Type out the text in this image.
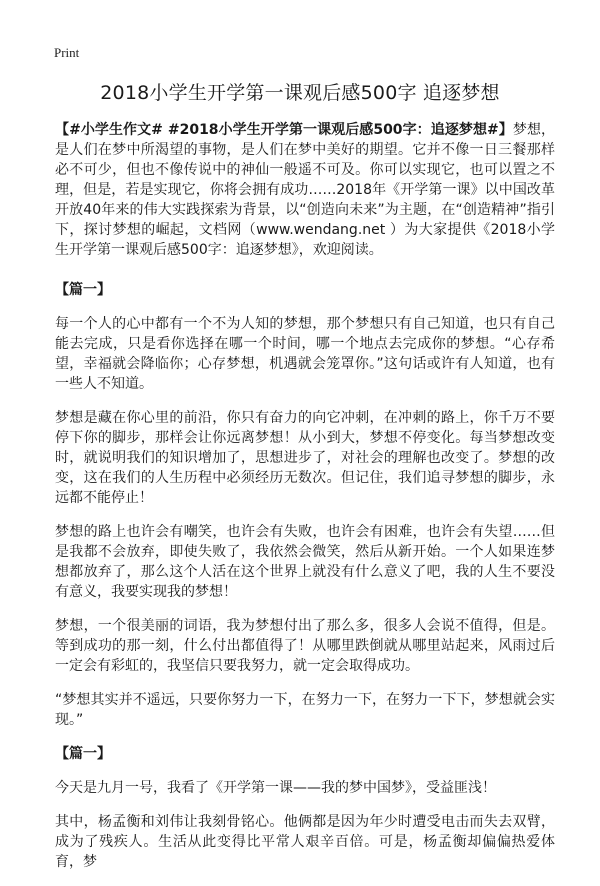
Print
2018小学生开学第一课观后感500字 追逐梦想

【#小学生作文# #2018小学生开学第一课观后感500字：追逐梦想#】梦想，是人们在梦中所渴望的事物，是人们在梦中美好的期望。它并不像一日三餐那样必不可少，但也不像传说中的神仙一般遥不可及。你可以实现它，也可以置之不理，但是，若是实现它，你将会拥有成功……2018年《开学第一课》以中国改革开放40年来的伟大实践探索为背景，以“创造向未来”为主题，在“创造精神”指引下，探讨梦想的崛起，文档网（www.wendang.net ）为大家提供《2018小学生开学第一课观后感500字：追逐梦想》，欢迎阅读。

【篇一】

每一个人的心中都有一个不为人知的梦想，那个梦想只有自己知道，也只有自己能去完成，只是看你选择在哪一个时间，哪一个地点去完成你的梦想。“心存希望，幸福就会降临你；心存梦想，机遇就会笼罩你。”这句话或许有人知道，也有一些人不知道。

梦想是藏在你心里的前沿，你只有奋力的向它冲刺，在冲刺的路上，你千万不要停下你的脚步，那样会让你远离梦想！从小到大，梦想不停变化。每当梦想改变时，就说明我们的知识增加了，思想进步了，对社会的理解也改变了。梦想的改变，这在我们的人生历程中必须经历无数次。但记住，我们追寻梦想的脚步，永远都不能停止！

梦想的路上也许会有嘲笑，也许会有失败，也许会有困难，也许会有失望……但是我都不会放弃，即使失败了，我依然会微笑，然后从新开始。一个人如果连梦想都放弃了，那么这个人活在这个世界上就没有什么意义了吧，我的人生不要没有意义，我要实现我的梦想！

梦想，一个很美丽的词语，我为梦想付出了那么多，很多人会说不值得，但是。等到成功的那一刻，什么付出都值得了！从哪里跌倒就从哪里站起来，风雨过后一定会有彩虹的，我坚信只要我努力，就一定会取得成功。

“梦想其实并不遥远，只要你努力一下，在努力一下，在努力一下下，梦想就会实现。”

【篇一】

今天是九月一号，我看了《开学第一课——我的梦中国梦》，受益匪浅！

其中，杨孟衡和刘伟让我刻骨铭心。他俩都是因为年少时遭受电击而失去双臂，成为了残疾人。生活从此变得比平常人艰辛百倍。可是，杨孟衡却偏偏热爱体育，梦
